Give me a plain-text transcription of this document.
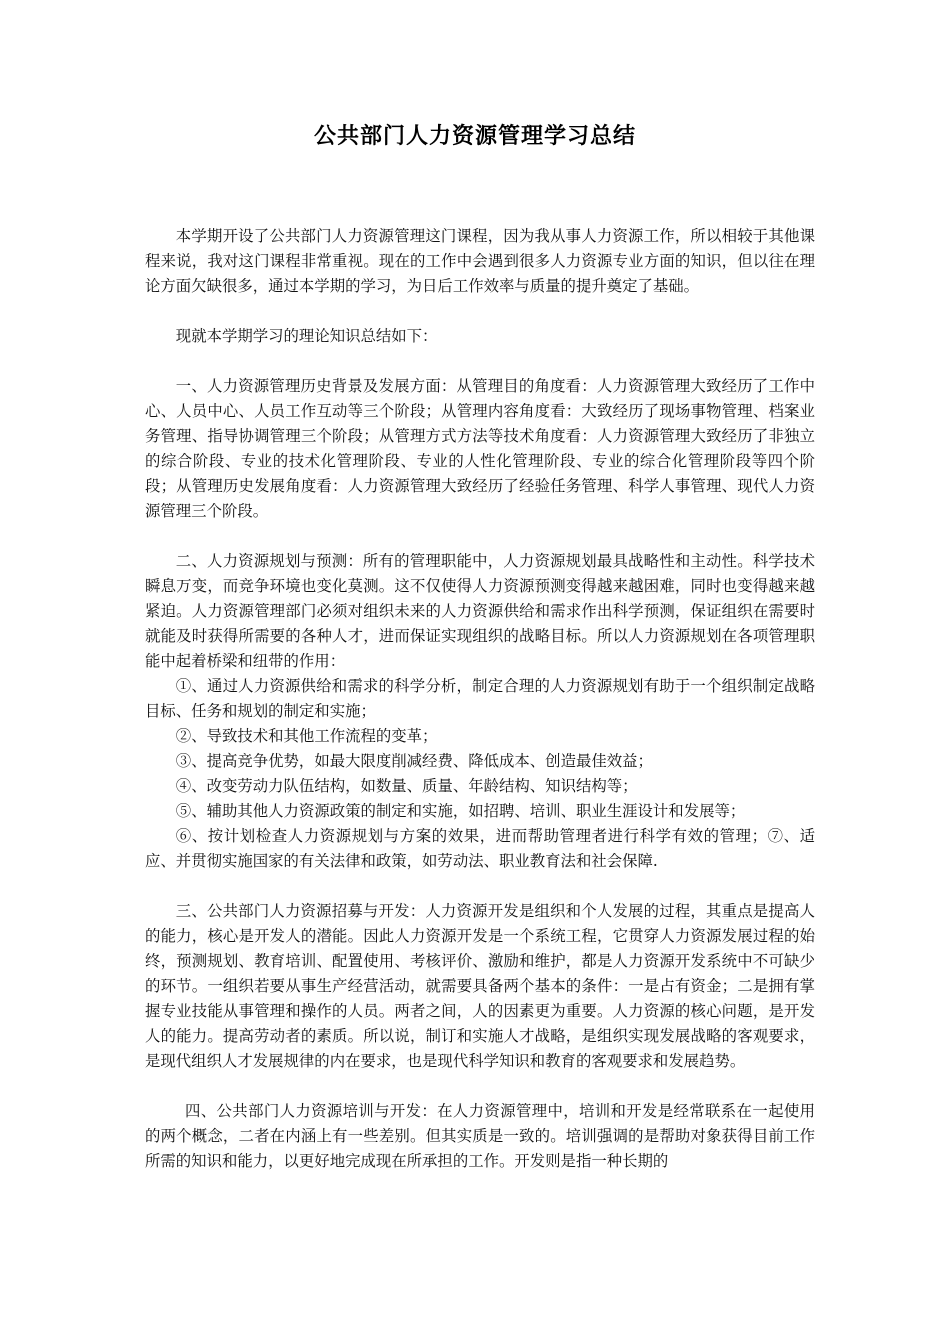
公共部门人力资源管理学习总结

本学期开设了公共部门人力资源管理这门课程，因为我从事人力资源工作，所以相较于其他课程来说，我对这门课程非常重视。现在的工作中会遇到很多人力资源专业方面的知识，但以往在理论方面欠缺很多，通过本学期的学习，为日后工作效率与质量的提升奠定了基础。

现就本学期学习的理论知识总结如下：

一、人力资源管理历史背景及发展方面：从管理目的角度看：人力资源管理大致经历了工作中心、人员中心、人员工作互动等三个阶段；从管理内容角度看：大致经历了现场事物管理、档案业务管理、指导协调管理三个阶段；从管理方式方法等技术角度看：人力资源管理大致经历了非独立的综合阶段、专业的技术化管理阶段、专业的人性化管理阶段、专业的综合化管理阶段等四个阶段；从管理历史发展角度看：人力资源管理大致经历了经验任务管理、科学人事管理、现代人力资源管理三个阶段。

二、人力资源规划与预测：所有的管理职能中，人力资源规划最具战略性和主动性。科学技术瞬息万变，而竞争环境也变化莫测。这不仅使得人力资源预测变得越来越困难，同时也变得越来越紧迫。人力资源管理部门必须对组织未来的人力资源供给和需求作出科学预测，保证组织在需要时就能及时获得所需要的各种人才，进而保证实现组织的战略目标。所以人力资源规划在各项管理职能中起着桥梁和纽带的作用：

①、通过人力资源供给和需求的科学分析，制定合理的人力资源规划有助于一个组织制定战略目标、任务和规划的制定和实施；

②、导致技术和其他工作流程的变革；

③、提高竞争优势，如最大限度削减经费、降低成本、创造最佳效益；

④、改变劳动力队伍结构，如数量、质量、年龄结构、知识结构等；

⑤、辅助其他人力资源政策的制定和实施，如招聘、培训、职业生涯设计和发展等；

⑥、按计划检查人力资源规划与方案的效果，进而帮助管理者进行科学有效的管理；⑦、适应、并贯彻实施国家的有关法律和政策，如劳动法、职业教育法和社会保障.

三、公共部门人力资源招募与开发：人力资源开发是组织和个人发展的过程，其重点是提高人的能力，核心是开发人的潜能。因此人力资源开发是一个系统工程，它贯穿人力资源发展过程的始终，预测规划、教育培训、配置使用、考核评价、激励和维护，都是人力资源开发系统中不可缺少的环节。一组织若要从事生产经营活动，就需要具备两个基本的条件：一是占有资金；二是拥有掌握专业技能从事管理和操作的人员。两者之间，人的因素更为重要。人力资源的核心问题，是开发人的能力。提高劳动者的素质。所以说，制订和实施人才战略，是组织实现发展战略的客观要求，是现代组织人才发展规律的内在要求，也是现代科学知识和教育的客观要求和发展趋势。

四、公共部门人力资源培训与开发：在人力资源管理中，培训和开发是经常联系在一起使用的两个概念，二者在内涵上有一些差别。但其实质是一致的。培训强调的是帮助对象获得目前工作所需的知识和能力，以更好地完成现在所承担的工作。开发则是指一种长期的
